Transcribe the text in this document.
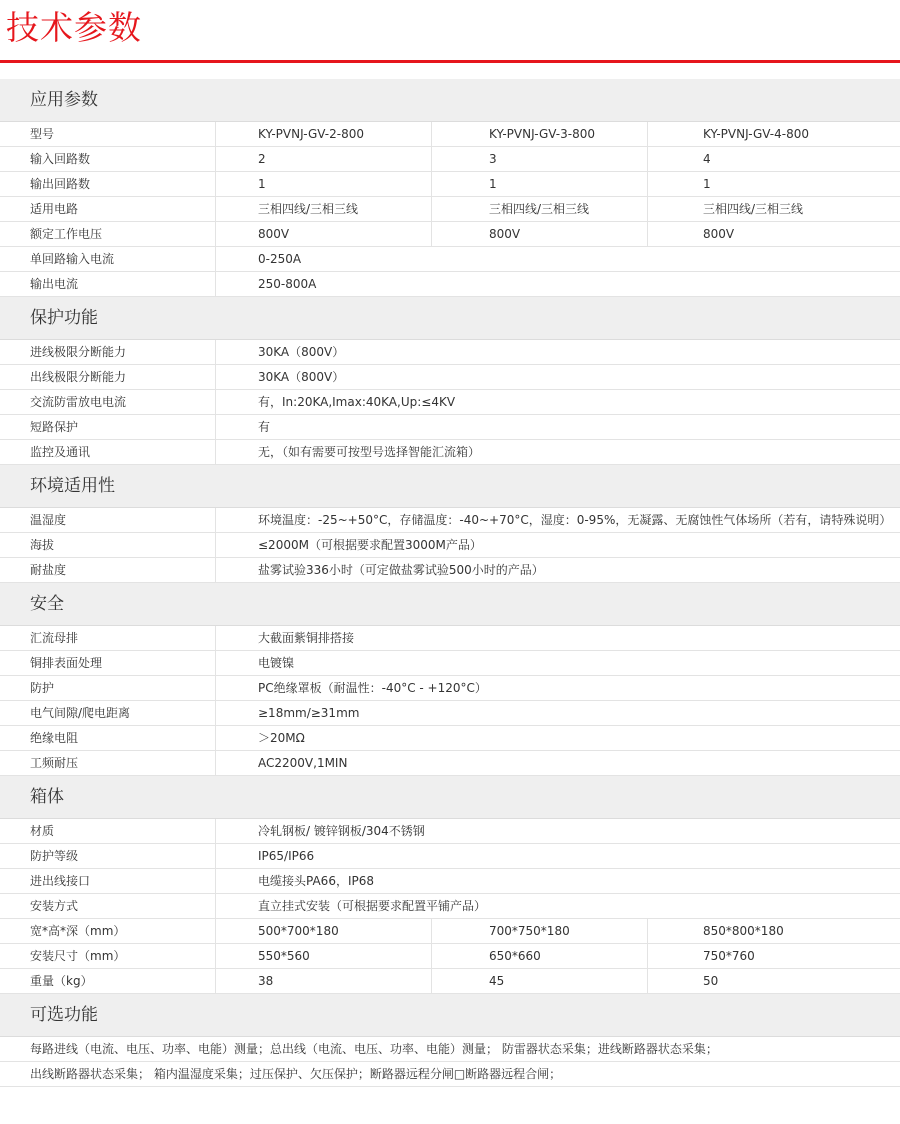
技术参数
应用参数
型号	KY-PVNJ-GV-2-800	KY-PVNJ-GV-3-800	KY-PVNJ-GV-4-800
输入回路数	2	3	4
输出回路数	1	1	1
适用电路	三相四线/三相三线	三相四线/三相三线	三相四线/三相三线
额定工作电压	800V	800V	800V
单回路输入电流	0-250A
输出电流	250-800A
保护功能
进线极限分断能力	30KA（800V）
出线极限分断能力	30KA（800V）
交流防雷放电电流	有，In:20KA,Imax:40KA,Up:≤4KV
短路保护	有
监控及通讯	无，（如有需要可按型号选择智能汇流箱）
环境适用性
温湿度	环境温度：-25~+50°C，存储温度：-40~+70°C，湿度：0-95%，无凝露、无腐蚀性气体场所（若有，请特殊说明）
海拔	≤2000M（可根据要求配置3000M产品）
耐盐度	盐雾试验336小时（可定做盐雾试验500小时的产品）
安全
汇流母排	大截面紫铜排搭接
铜排表面处理	电镀镍
防护	PC绝缘罩板（耐温性：-40°C - +120°C）
电气间隙/爬电距离	≥18mm/≥31mm
绝缘电阻	＞20MΩ
工频耐压	AC2200V,1MIN
箱体
材质	冷轧钢板/ 镀锌钢板/304不锈钢
防护等级	IP65/IP66
进出线接口	电缆接头PA66，IP68
安装方式	直立挂式安装（可根据要求配置平铺产品）
宽*高*深（mm）	500*700*180	700*750*180	850*800*180
安装尺寸（mm）	550*560	650*660	750*760
重量（kg）	38	45	50
可选功能
每路进线（电流、电压、功率、电能）测量；总出线（电流、电压、功率、电能）测量； 防雷器状态采集；进线断路器状态采集；
出线断路器状态采集； 箱内温湿度采集；过压保护、欠压保护；断路器远程分闸□断路器远程合闸；
